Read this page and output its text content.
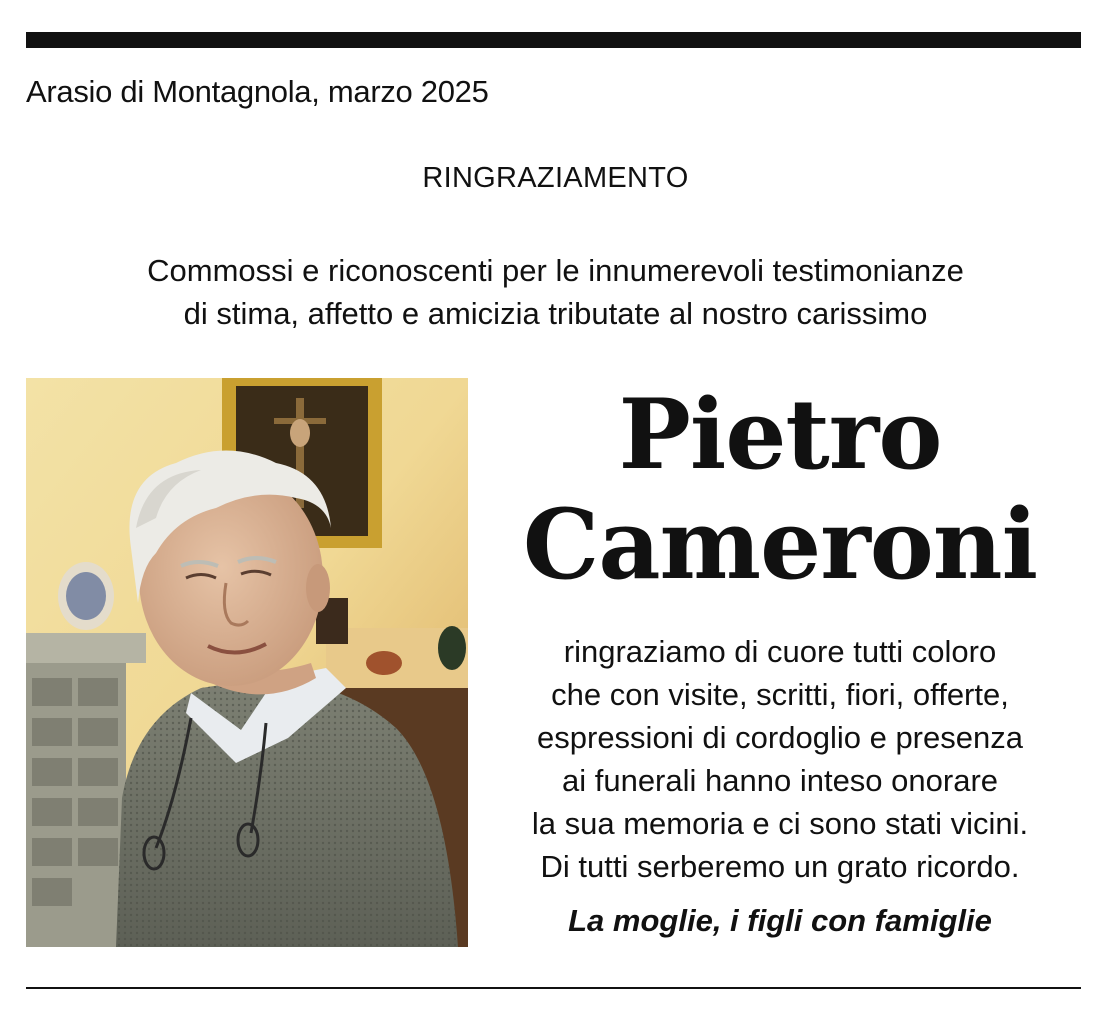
Arasio di Montagnola, marzo 2025
RINGRAZIAMENTO
Commossi e riconoscenti per le innumerevoli testimonianze
di stima, affetto e amicizia tributate al nostro carissimo
Pietro
Cameroni
ringraziamo di cuore tutti coloro
che con visite, scritti, fiori, offerte,
espressioni di cordoglio e presenza
ai funerali hanno inteso onorare
la sua memoria e ci sono stati vicini.
Di tutti serberemo un grato ricordo.
La moglie, i figli con famiglie
